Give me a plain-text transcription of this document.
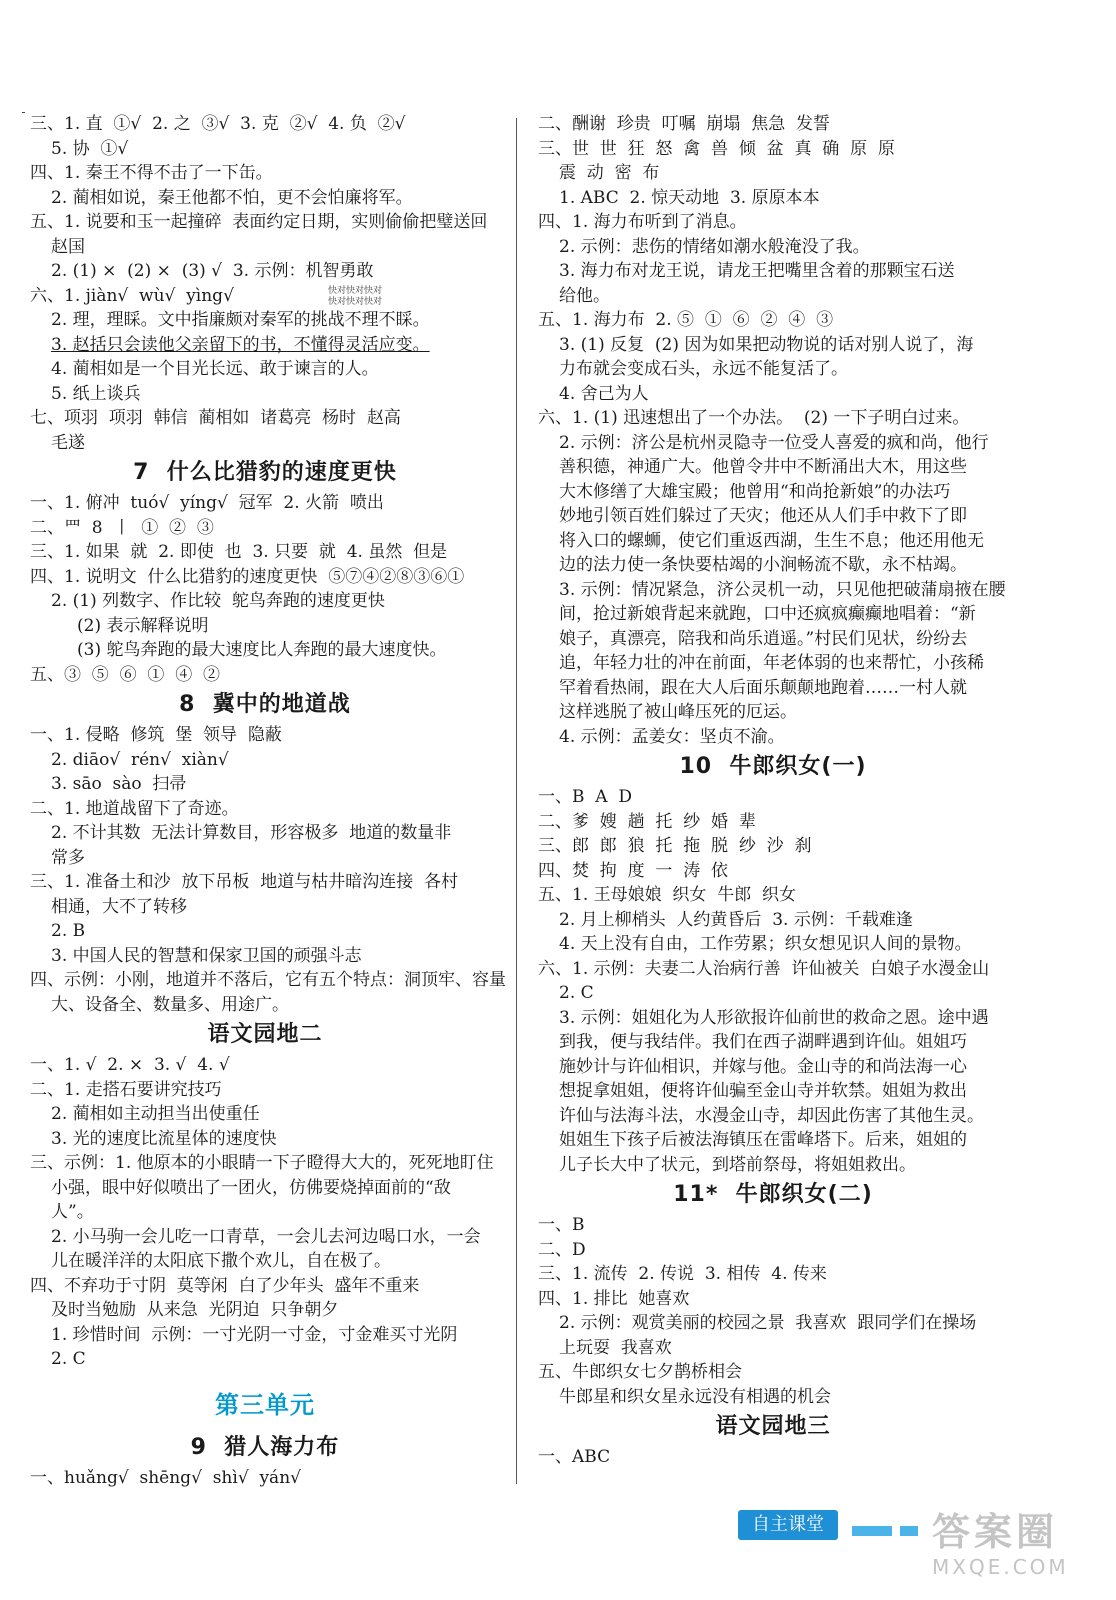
三、1. 直  ①√  2. 之  ③√  3. 克  ②√  4. 负  ②√
5. 协  ①√
四、1. 秦王不得不击了一下缶。
2. 蔺相如说，秦王他都不怕，更不会怕廉将军。
五、1. 说要和玉一起撞碎  表面约定日期，实则偷偷把璧送回
赵国
2. (1) ×  (2) ×  (3) √  3. 示例：机智勇敢
六、1. jiàn√  wù√  yìng√
2. 理，理睬。文中指廉颇对秦军的挑战不理不睬。
3. 赵括只会读他父亲留下的书，不懂得灵活应变。
4. 蔺相如是一个目光长远、敢于谏言的人。
5. 纸上谈兵
七、项羽  项羽  韩信  蔺相如  诸葛亮  杨时  赵高
毛遂
7  什么比猎豹的速度更快
一、1. 俯冲  tuó√  yíng√  冠军  2. 火箭  喷出
二、罒  8  丨  ①  ②  ③
三、1. 如果  就  2. 即使  也  3. 只要  就  4. 虽然  但是
四、1. 说明文  什么比猎豹的速度更快  ⑤⑦④②⑧③⑥①
2. (1) 列数字、作比较  鸵鸟奔跑的速度更快
(2) 表示解释说明
(3) 鸵鸟奔跑的最大速度比人奔跑的最大速度快。
五、③  ⑤  ⑥  ①  ④  ②
8  冀中的地道战
一、1. 侵略  修筑  堡  领导  隐蔽
2. diāo√  rén√  xiàn√
3. sāo  sào  扫帚
二、1. 地道战留下了奇迹。
2. 不计其数  无法计算数目，形容极多  地道的数量非
常多
三、1. 准备土和沙  放下吊板  地道与枯井暗沟连接  各村
相通，大不了转移
2. B
3. 中国人民的智慧和保家卫国的顽强斗志
四、示例：小刚，地道并不落后，它有五个特点：洞顶牢、容量
大、设备全、数量多、用途广。
语文园地二
一、1. √  2. ×  3. √  4. √
二、1. 走搭石要讲究技巧
2. 蔺相如主动担当出使重任
3. 光的速度比流星体的速度快
三、示例：1. 他原本的小眼睛一下子瞪得大大的，死死地盯住
小强，眼中好似喷出了一团火，仿佛要烧掉面前的“敌
人”。
2. 小马驹一会儿吃一口青草，一会儿去河边喝口水，一会
儿在暖洋洋的太阳底下撒个欢儿，自在极了。
四、不弃功于寸阴  莫等闲  白了少年头  盛年不重来
及时当勉励  从来急  光阴迫  只争朝夕
1. 珍惜时间  示例：一寸光阴一寸金，寸金难买寸光阴
2. C
第三单元
9  猎人海力布
一、huǎng√  shēng√  shì√  yán√
二、酬谢  珍贵  叮嘱  崩塌  焦急  发誓
三、世  世  狂  怒  禽  兽  倾  盆  真  确  原  原
震  动  密  布
1. ABC  2. 惊天动地  3. 原原本本
四、1. 海力布听到了消息。
2. 示例：悲伤的情绪如潮水般淹没了我。
3. 海力布对龙王说，请龙王把嘴里含着的那颗宝石送
给他。
五、1. 海力布  2. ⑤  ①  ⑥  ②  ④  ③
3. (1) 反复  (2) 因为如果把动物说的话对别人说了，海
力布就会变成石头，永远不能复活了。
4. 舍己为人
六、1. (1) 迅速想出了一个办法。  (2) 一下子明白过来。
2. 示例：济公是杭州灵隐寺一位受人喜爱的疯和尚，他行
善积德，神通广大。他曾令井中不断涌出大木，用这些
大木修缮了大雄宝殿；他曾用“和尚抢新娘”的办法巧
妙地引领百姓们躲过了天灾；他还从人们手中救下了即
将入口的螺蛳，使它们重返西湖，生生不息；他还用他无
边的法力使一条快要枯竭的小涧畅流不歇，永不枯竭。
3. 示例：情况紧急，济公灵机一动，只见他把破蒲扇掖在腰
间，抢过新娘背起来就跑，口中还疯疯癫癫地唱着：“新
娘子，真漂亮，陪我和尚乐逍遥。”村民们见状，纷纷去
追，年轻力壮的冲在前面，年老体弱的也来帮忙，小孩稀
罕着看热闹，跟在大人后面乐颠颠地跑着……一村人就
这样逃脱了被山峰压死的厄运。
4. 示例：孟姜女：坚贞不渝。
10  牛郎织女(一)
一、B  A  D
二、爹  嫂  趟  托  纱  婚  辈
三、郎  郎  狼  托  拖  脱  纱  沙  刹
四、焚  拘  度  一  涛  依
五、1. 王母娘娘  织女  牛郎  织女
2. 月上柳梢头  人约黄昏后  3. 示例：千载难逢
4. 天上没有自由，工作劳累；织女想见识人间的景物。
六、1. 示例：夫妻二人治病行善  许仙被关  白娘子水漫金山
2. C
3. 示例：姐姐化为人形欲报许仙前世的救命之恩。途中遇
到我，便与我结伴。我们在西子湖畔遇到许仙。姐姐巧
施妙计与许仙相识，并嫁与他。金山寺的和尚法海一心
想捉拿姐姐，便将许仙骗至金山寺并软禁。姐姐为救出
许仙与法海斗法，水漫金山寺，却因此伤害了其他生灵。
姐姐生下孩子后被法海镇压在雷峰塔下。后来，姐姐的
儿子长大中了状元，到塔前祭母，将姐姐救出。
11*  牛郎织女(二)
一、B
二、D
三、1. 流传  2. 传说  3. 相传  4. 传来
四、1. 排比  她喜欢
2. 示例：观赏美丽的校园之景  我喜欢  跟同学们在操场
上玩耍  我喜欢
五、牛郎织女七夕鹊桥相会
牛郎星和织女星永远没有相遇的机会
语文园地三
一、ABC
快对快对快对
快对快对快对
自主课堂	答案圈
MXQE.COM
